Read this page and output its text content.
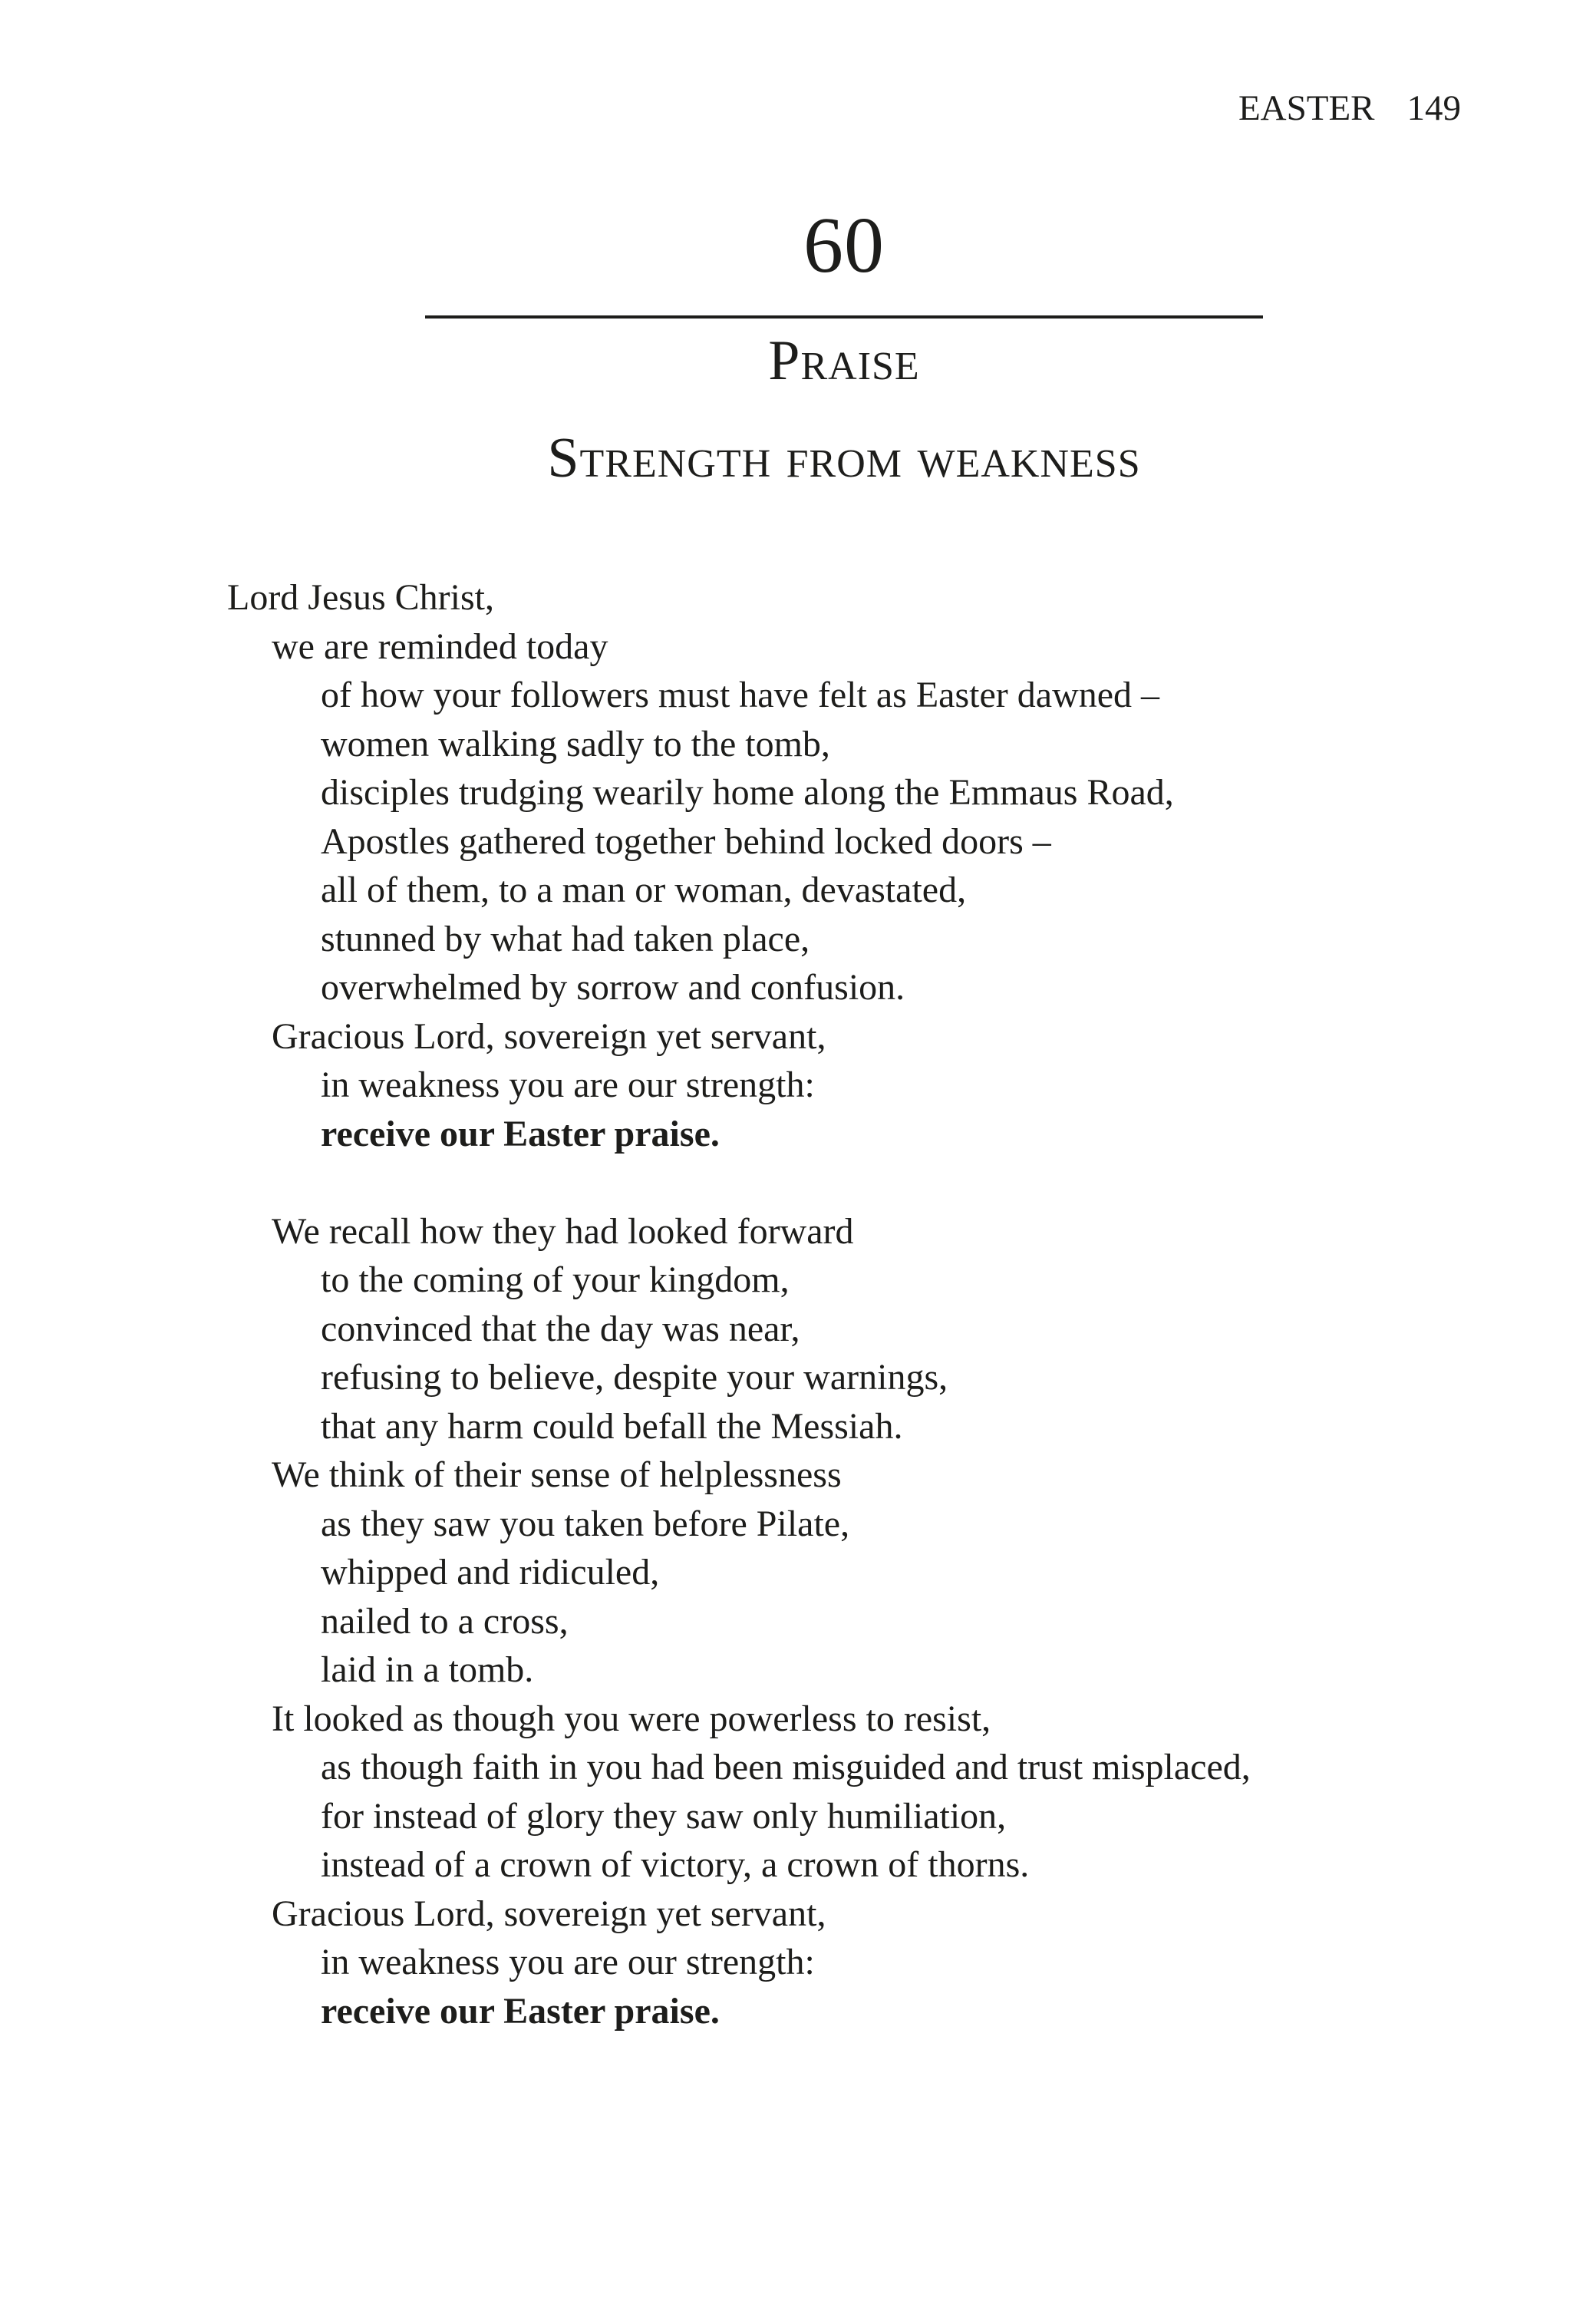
EASTER 149
60
Praise
Strength from weakness
Lord Jesus Christ,
we are reminded today
of how your followers must have felt as Easter dawned –
women walking sadly to the tomb,
disciples trudging wearily home along the Emmaus Road,
Apostles gathered together behind locked doors –
all of them, to a man or woman, devastated,
stunned by what had taken place,
overwhelmed by sorrow and confusion.
Gracious Lord, sovereign yet servant,
in weakness you are our strength:
receive our Easter praise.
We recall how they had looked forward
to the coming of your kingdom,
convinced that the day was near,
refusing to believe, despite your warnings,
that any harm could befall the Messiah.
We think of their sense of helplessness
as they saw you taken before Pilate,
whipped and ridiculed,
nailed to a cross,
laid in a tomb.
It looked as though you were powerless to resist,
as though faith in you had been misguided and trust misplaced,
for instead of glory they saw only humiliation,
instead of a crown of victory, a crown of thorns.
Gracious Lord, sovereign yet servant,
in weakness you are our strength:
receive our Easter praise.
